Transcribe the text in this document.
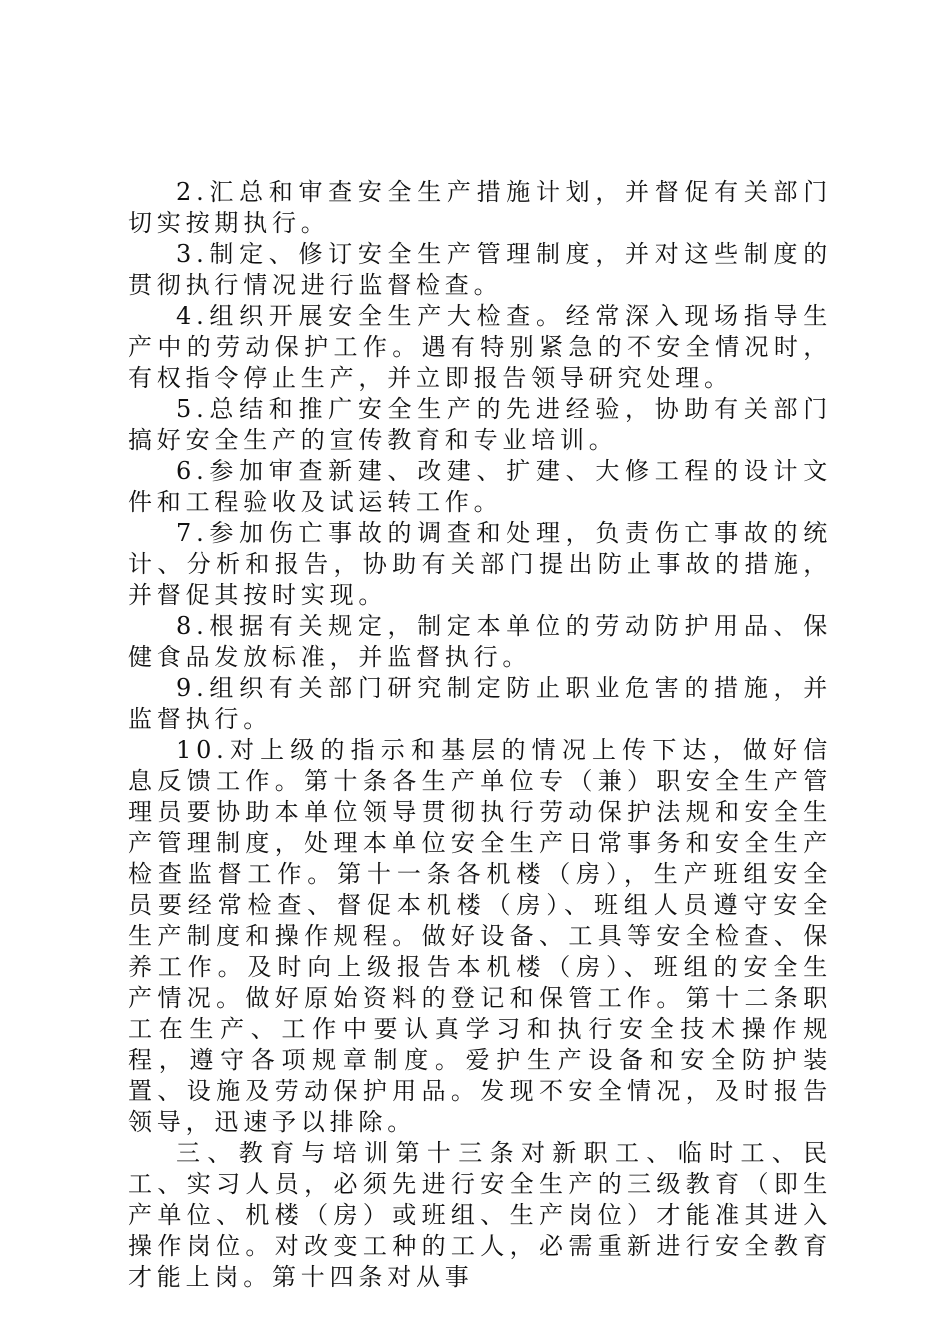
2.汇总和审查安全生产措施计划，并督促有关部门切实按期执行。

3.制定、修订安全生产管理制度，并对这些制度的贯彻执行情况进行监督检查。

4.组织开展安全生产大检查。经常深入现场指导生产中的劳动保护工作。遇有特别紧急的不安全情况时，有权指令停止生产，并立即报告领导研究处理。

5.总结和推广安全生产的先进经验，协助有关部门搞好安全生产的宣传教育和专业培训。

6.参加审查新建、改建、扩建、大修工程的设计文件和工程验收及试运转工作。

7.参加伤亡事故的调查和处理，负责伤亡事故的统计、分析和报告，协助有关部门提出防止事故的措施，并督促其按时实现。

8.根据有关规定，制定本单位的劳动防护用品、保健食品发放标准，并监督执行。

9.组织有关部门研究制定防止职业危害的措施，并监督执行。

10.对上级的指示和基层的情况上传下达，做好信息反馈工作。第十条各生产单位专（兼）职安全生产管理员要协助本单位领导贯彻执行劳动保护法规和安全生产管理制度，处理本单位安全生产日常事务和安全生产检查监督工作。第十一条各机楼（房），生产班组安全员要经常检查、督促本机楼（房）、班组人员遵守安全生产制度和操作规程。做好设备、工具等安全检查、保养工作。及时向上级报告本机楼（房）、班组的安全生产情况。做好原始资料的登记和保管工作。第十二条职工在生产、工作中要认真学习和执行安全技术操作规程，遵守各项规章制度。爱护生产设备和安全防护装置、设施及劳动保护用品。发现不安全情况，及时报告领导，迅速予以排除。

三、教育与培训第十三条对新职工、临时工、民工、实习人员，必须先进行安全生产的三级教育（即生产单位、机楼（房）或班组、生产岗位）才能准其进入操作岗位。对改变工种的工人，必需重新进行安全教育才能上岗。第十四条对从事
